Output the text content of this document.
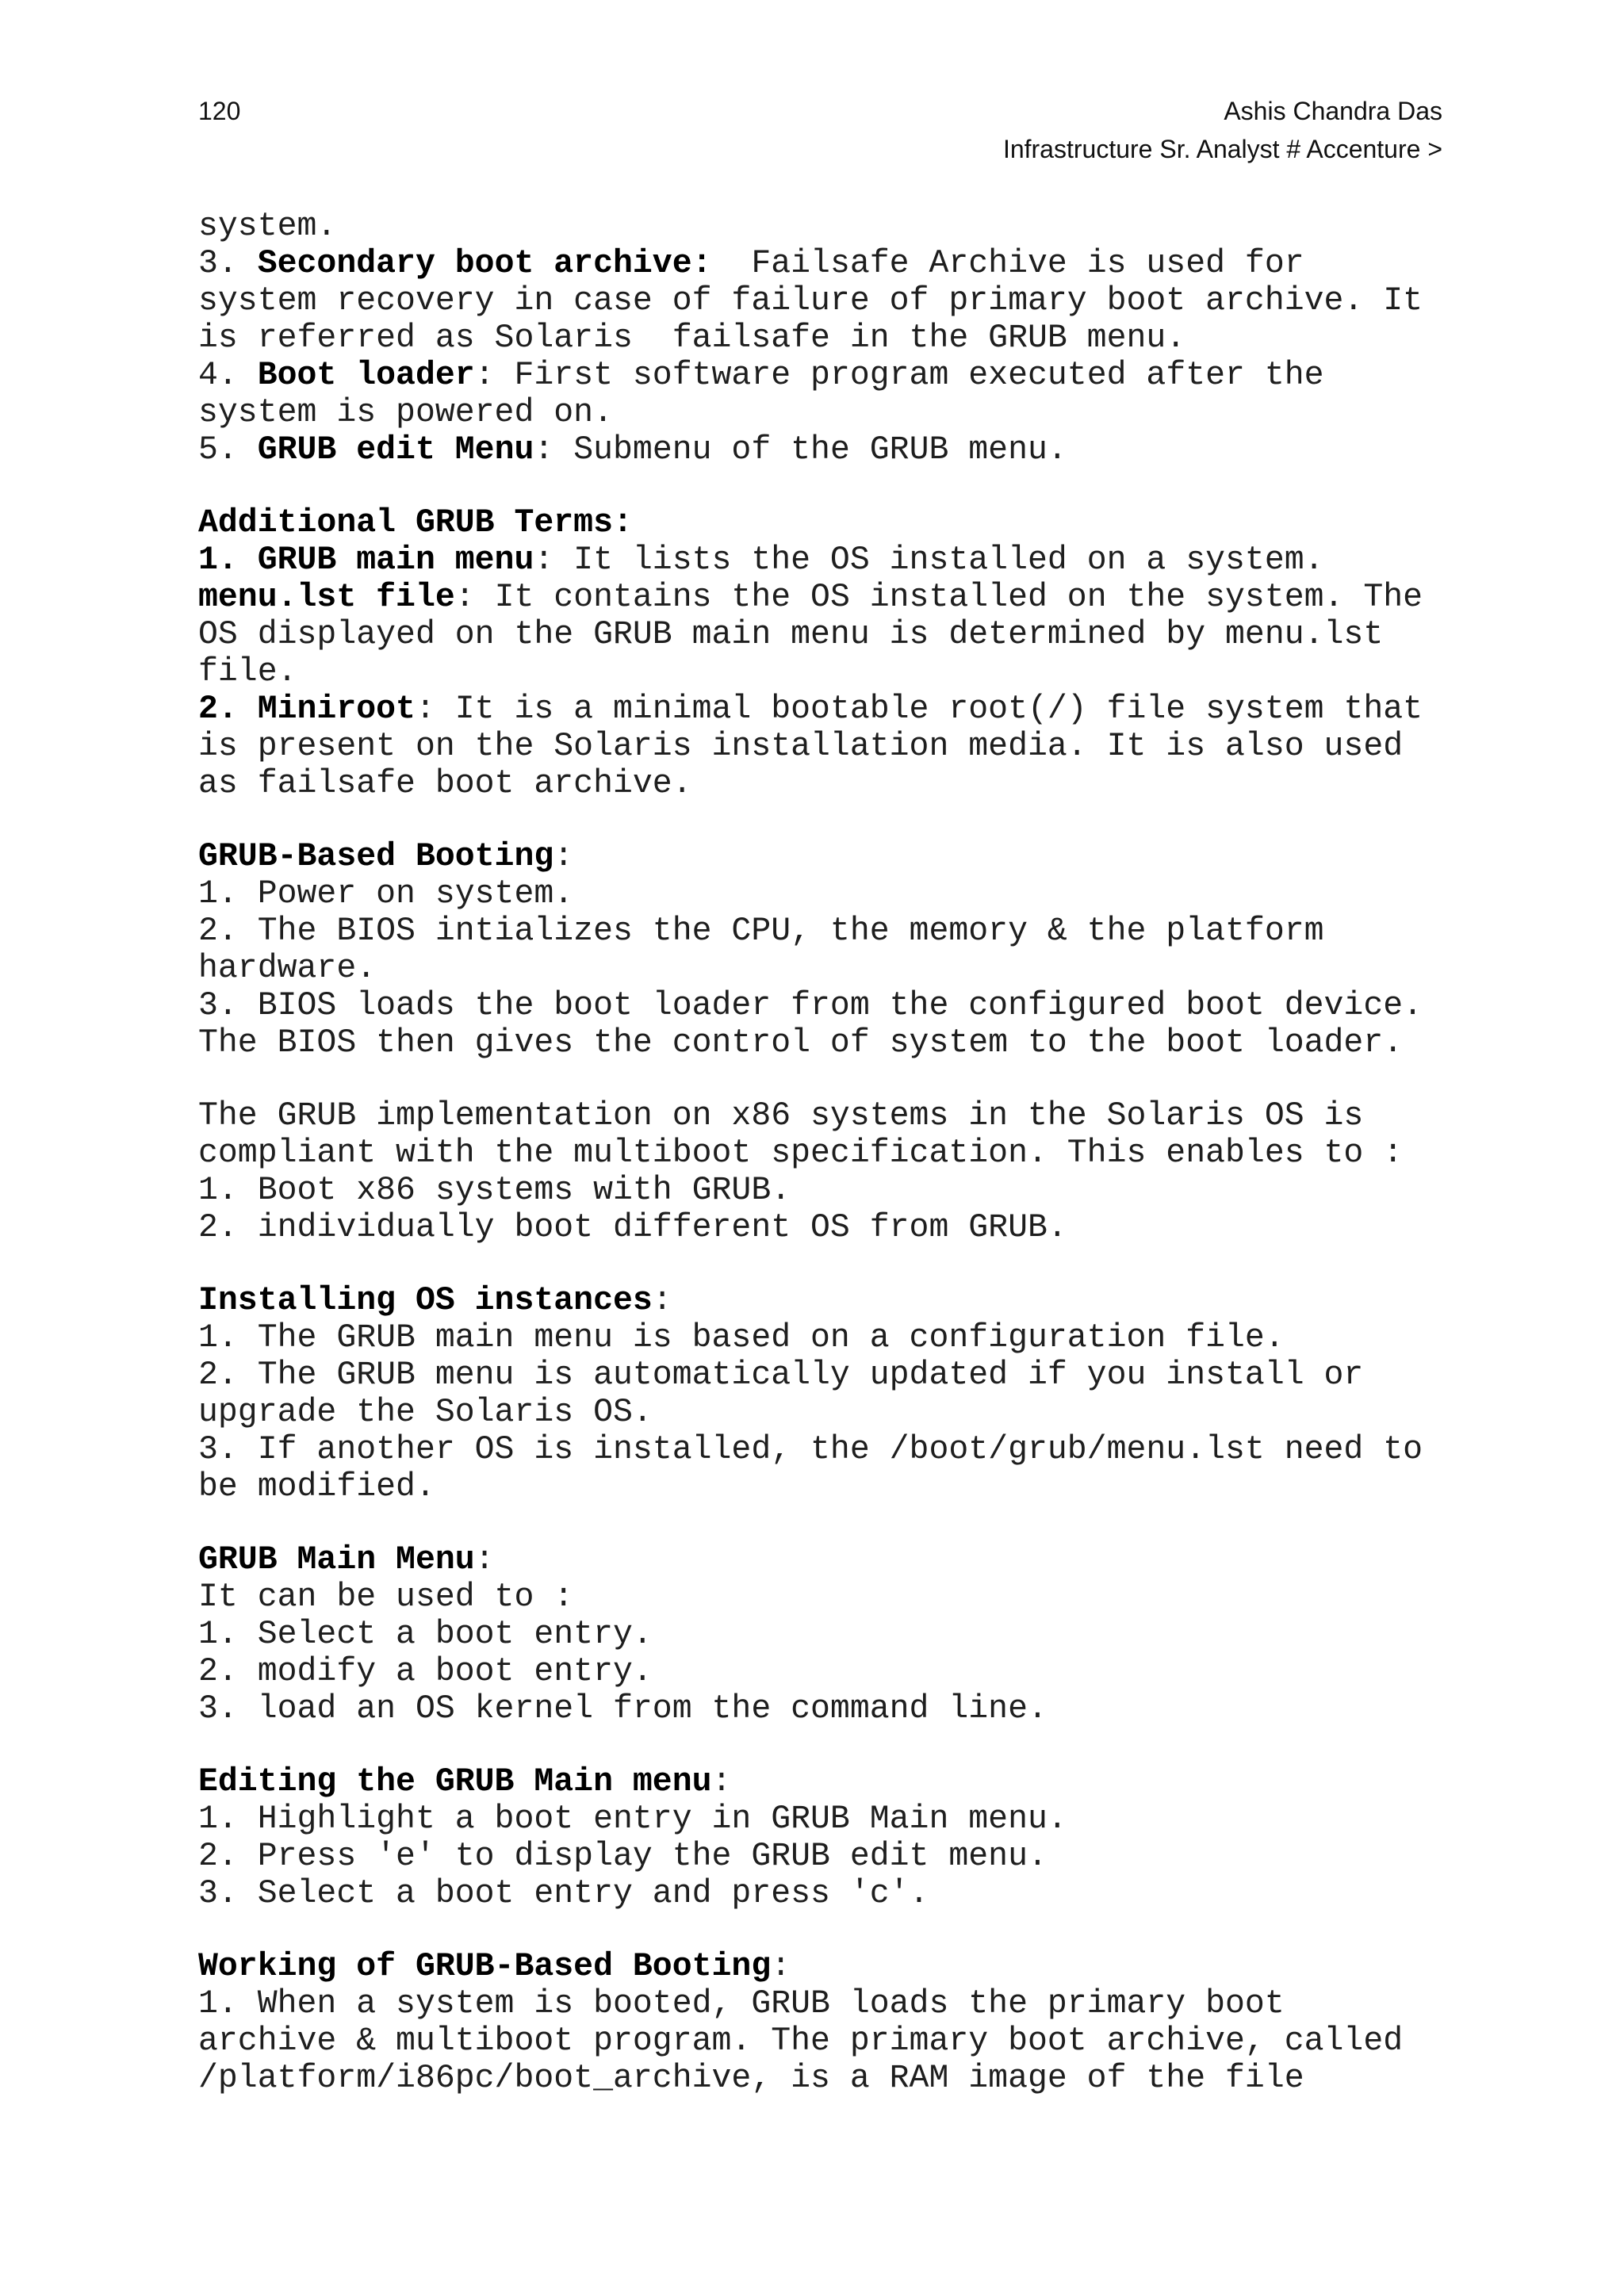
120	Ashis Chandra Das
Infrastructure Sr. Analyst # Accenture >
system.
3. Secondary boot archive:  Failsafe Archive is used for
system recovery in case of failure of primary boot archive. It
is referred as Solaris  failsafe in the GRUB menu.
4. Boot loader: First software program executed after the
system is powered on.
5. GRUB edit Menu: Submenu of the GRUB menu.
Additional GRUB Terms:
1. GRUB main menu: It lists the OS installed on a system.
menu.lst file: It contains the OS installed on the system. The
OS displayed on the GRUB main menu is determined by menu.lst
file.
2. Miniroot: It is a minimal bootable root(/) file system that
is present on the Solaris installation media. It is also used
as failsafe boot archive.
GRUB-Based Booting:
1. Power on system.
2. The BIOS intializes the CPU, the memory & the platform
hardware.
3. BIOS loads the boot loader from the configured boot device.
The BIOS then gives the control of system to the boot loader.
The GRUB implementation on x86 systems in the Solaris OS is
compliant with the multiboot specification. This enables to :
1. Boot x86 systems with GRUB.
2. individually boot different OS from GRUB.
Installing OS instances:
1. The GRUB main menu is based on a configuration file.
2. The GRUB menu is automatically updated if you install or
upgrade the Solaris OS.
3. If another OS is installed, the /boot/grub/menu.lst need to
be modified.
GRUB Main Menu:
It can be used to :
1. Select a boot entry.
2. modify a boot entry.
3. load an OS kernel from the command line.
Editing the GRUB Main menu:
1. Highlight a boot entry in GRUB Main menu.
2. Press 'e' to display the GRUB edit menu.
3. Select a boot entry and press 'c'.
Working of GRUB-Based Booting:
1. When a system is booted, GRUB loads the primary boot
archive & multiboot program. The primary boot archive, called
/platform/i86pc/boot_archive, is a RAM image of the file
